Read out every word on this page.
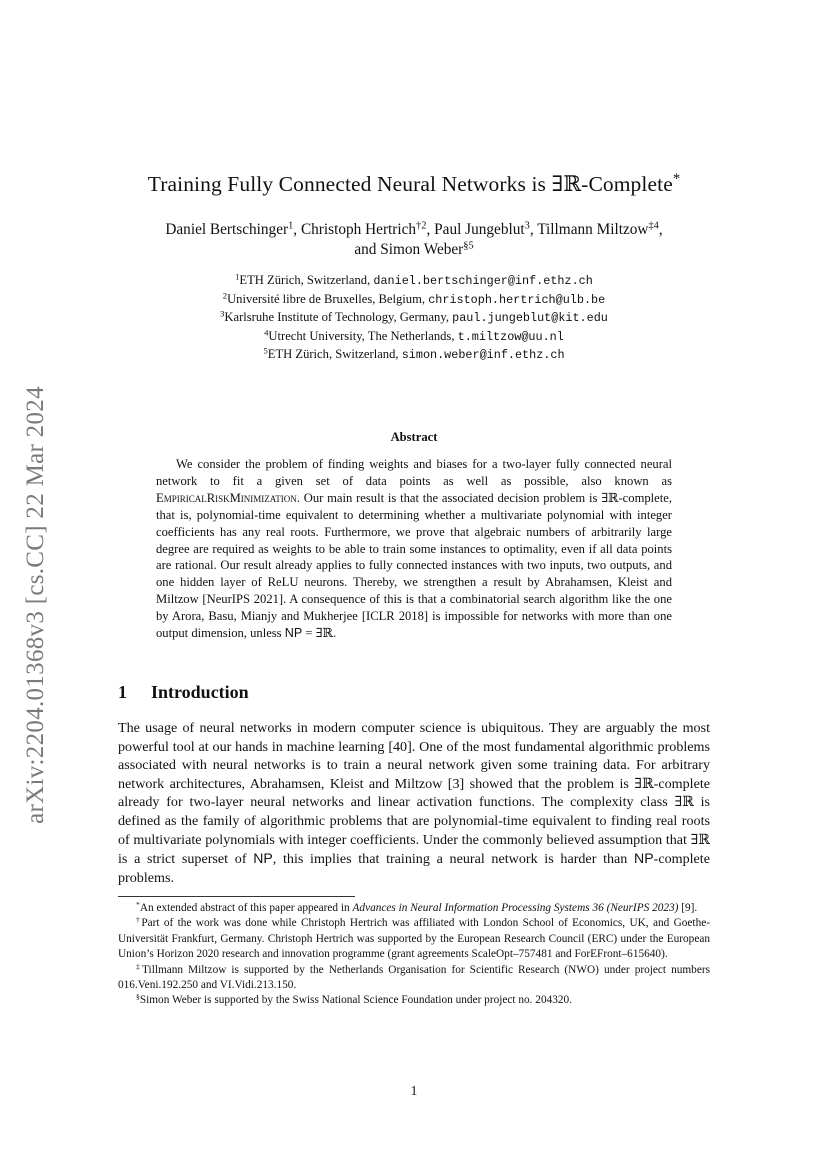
arXiv:2204.01368v3 [cs.CC] 22 Mar 2024
Training Fully Connected Neural Networks is ∃ℝ-Complete*
Daniel Bertschinger$^1$, Christoph Hertrich$^{\dagger 2}$, Paul Jungeblut$^3$, Tillmann Miltzow$^{\ddagger 4}$,
and Simon Weber$^{\S 5}$
$^1$ETH Zürich, Switzerland, daniel.bertschinger@inf.ethz.ch
$^2$Université libre de Bruxelles, Belgium, christoph.hertrich@ulb.be
$^3$Karlsruhe Institute of Technology, Germany, paul.jungeblut@kit.edu
$^4$Utrecht University, The Netherlands, t.miltzow@uu.nl
$^5$ETH Zürich, Switzerland, simon.weber@inf.ethz.ch
Abstract
We consider the problem of finding weights and biases for a two-layer fully connected neural network to fit a given set of data points as well as possible, also known as EmpiricalRiskMinimization. Our main result is that the associated decision problem is ∃ℝ-complete, that is, polynomial-time equivalent to determining whether a multivariate polynomial with integer coefficients has any real roots. Furthermore, we prove that algebraic numbers of arbitrarily large degree are required as weights to be able to train some instances to optimality, even if all data points are rational. Our result already applies to fully connected instances with two inputs, two outputs, and one hidden layer of ReLU neurons. Thereby, we strengthen a result by Abrahamsen, Kleist and Miltzow [NeurIPS 2021]. A consequence of this is that a combinatorial search algorithm like the one by Arora, Basu, Mianjy and Mukherjee [ICLR 2018] is impossible for networks with more than one output dimension, unless NP = ∃ℝ.
1 Introduction
The usage of neural networks in modern computer science is ubiquitous. They are arguably the most powerful tool at our hands in machine learning [40]. One of the most fundamental algorithmic problems associated with neural networks is to train a neural network given some training data. For arbitrary network architectures, Abrahamsen, Kleist and Miltzow [3] showed that the problem is ∃ℝ-complete already for two-layer neural networks and linear activation functions. The complexity class ∃ℝ is defined as the family of algorithmic problems that are polynomial-time equivalent to finding real roots of multivariate polynomials with integer coefficients. Under the commonly believed assumption that ∃ℝ is a strict superset of NP, this implies that training a neural network is harder than NP-complete problems.

*An extended abstract of this paper appeared in Advances in Neural Information Processing Systems 36 (NeurIPS 2023) [9].

†Part of the work was done while Christoph Hertrich was affiliated with London School of Economics, UK, and Goethe-Universität Frankfurt, Germany. Christoph Hertrich was supported by the European Research Council (ERC) under the European Union’s Horizon 2020 research and innovation programme (grant agreements ScaleOpt–757481 and ForEFront–615640).

‡Tillmann Miltzow is supported by the Netherlands Organisation for Scientific Research (NWO) under project numbers 016.Veni.192.250 and VI.Vidi.213.150.

§Simon Weber is supported by the Swiss National Science Foundation under project no. 204320.

1
